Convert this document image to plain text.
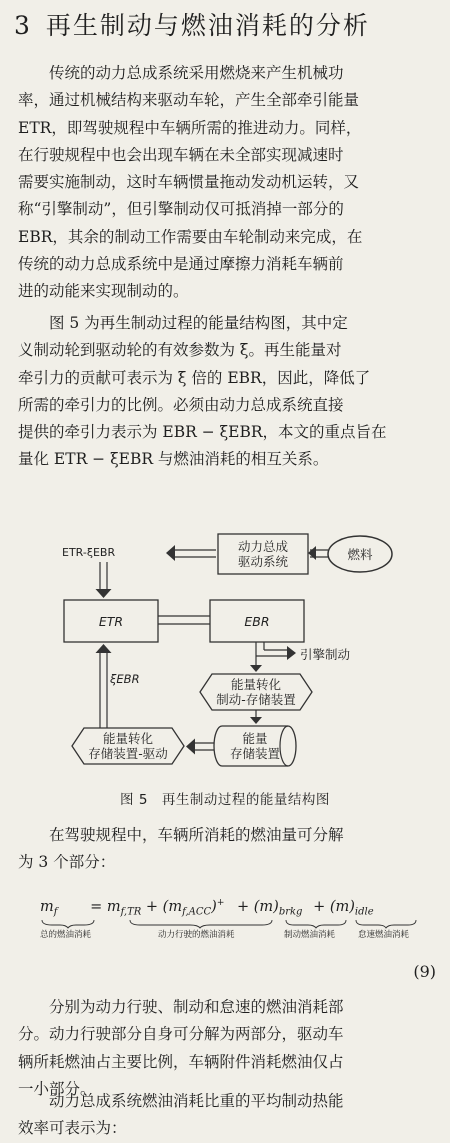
3 再生制动与燃油消耗的分析

传统的动力总成系统采用燃烧来产生机械功

率，通过机械结构来驱动车轮，产生全部牵引能量

ETR，即驾驶规程中车辆所需的推进动力。同样，

在行驶规程中也会出现车辆在未全部实现减速时

需要实施制动，这时车辆惯量拖动发动机运转，又

称“引擎制动”，但引擎制动仅可抵消掉一部分的

EBR，其余的制动工作需要由车轮制动来完成，在

传统的动力总成系统中是通过摩擦力消耗车辆前

进的动能来实现制动的。

图 5 为再生制动过程的能量结构图，其中定

义制动轮到驱动轮的有效参数为 ξ。再生能量对

牵引力的贡献可表示为 ξ 倍的 EBR，因此，降低了

所需的牵引力的比例。必须由动力总成系统直接

提供的牵引力表示为 EBR − ξEBR，本文的重点旨在

量化 ETR − ξEBR 与燃油消耗的相互关系。

燃料
动力总成
驱动系统
ETR-ξEBR
ETR	EBR
引擎制动
能量转化
制动-存储装置
ξEBR
能量转化
存储装置-驱动
能量
存储装置
图 5　再生制动过程的能量结构图

在驾驶规程中，车辆所消耗的燃油量可分解

为 3 个部分：

$m_f = m_{f,TR} + (m_{f,ACC})^+ + (m)_{brkg} + (m)_{idle}$
总的燃油消耗	动力行驶的燃油消耗	制动燃油消耗	怠速燃油消耗
(9)

分别为动力行驶、制动和怠速的燃油消耗部

分。动力行驶部分自身可分解为两部分，驱动车

辆所耗燃油占主要比例，车辆附件消耗燃油仅占

一小部分。

动力总成系统燃油消耗比重的平均制动热能

效率可表示为：
